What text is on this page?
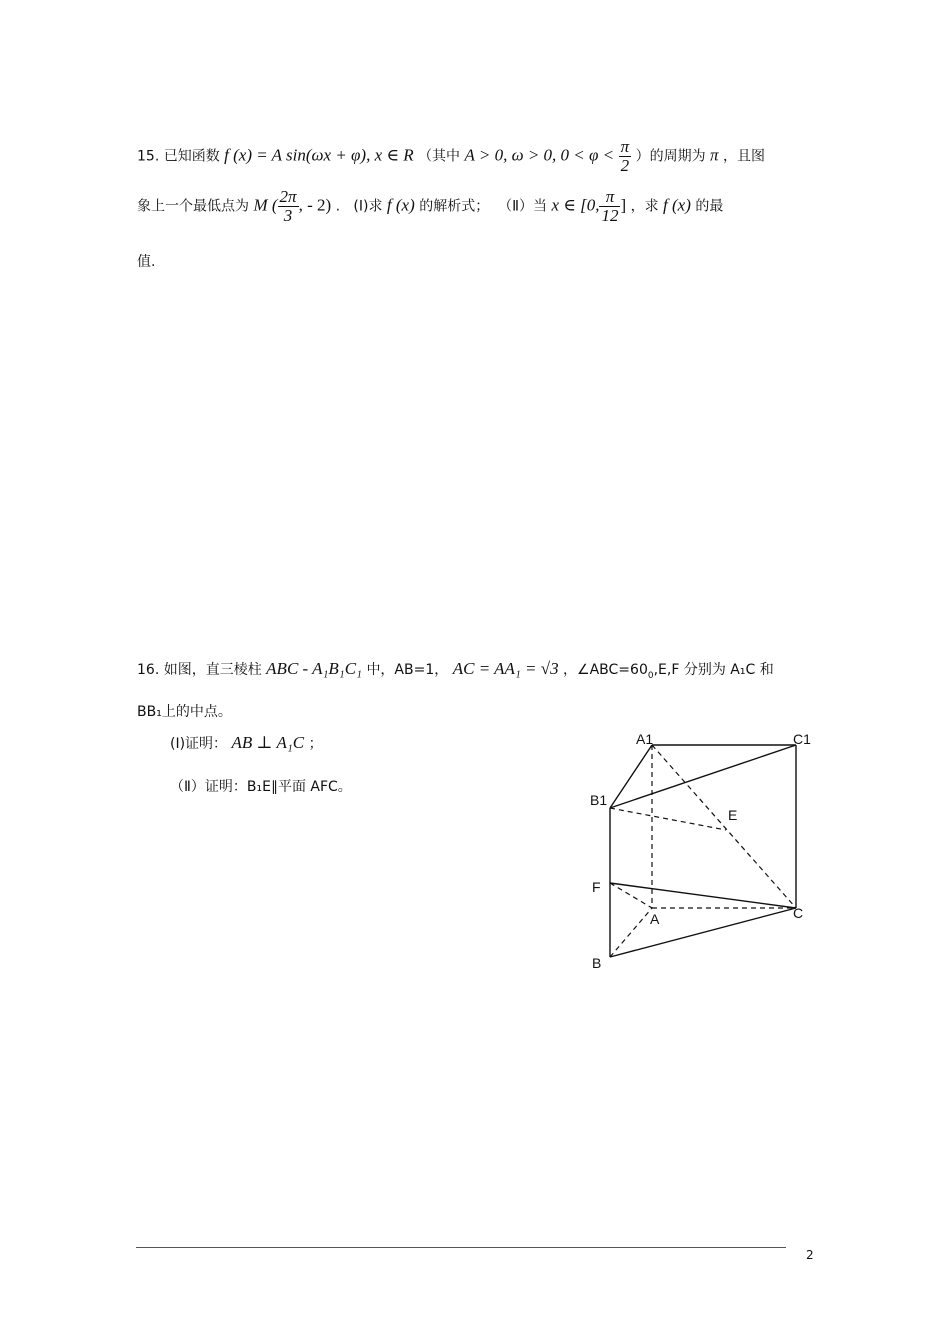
15. 已知函数 f (x) = A sin(ωx + φ), x ∈ R （其中 A > 0, ω > 0, $0 < \varphi < \frac{\pi}{2}$ ）的周期为 π ，且图
象上一个最低点为 M ( $\frac{2\pi}{3}$ , - 2) . (Ⅰ)求 f (x) 的解析式； （Ⅱ）当 x ∈ [0, $\frac{\pi}{12}$ ] ，求 f (x) 的最
值.
16. 如图，直三棱柱 ABC - A₁B₁C₁ 中，AB=1， AC = AA₁ = √3 ，$\angle ABC=60_0,E,F$ 分别为 A₁C 和
BB₁上的中点。
(Ⅰ)证明： AB ⊥ A₁C ；
（Ⅱ）证明：B₁E∥平面 AFC。
A1	C1
B1
E
F
A	C
B
2
